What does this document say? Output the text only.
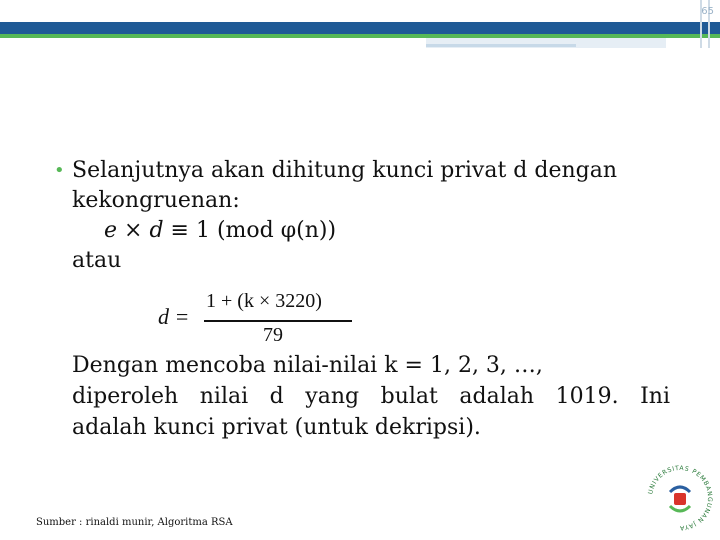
65
• Selanjutnya akan dihitung kunci privat d dengan
kekongruenan:
e × d ≡ 1 (mod φ(n))
atau
d =
1 + (k × 3220)
79
Dengan mencoba nilai-nilai k = 1, 2, 3, …,
diperoleh nilai d yang bulat adalah 1019. Ini
adalah kunci privat (untuk dekripsi).
Sumber : rinaldi munir, Algoritma RSA
UNIVERSITAS PEMBANGUNAN JAYA
